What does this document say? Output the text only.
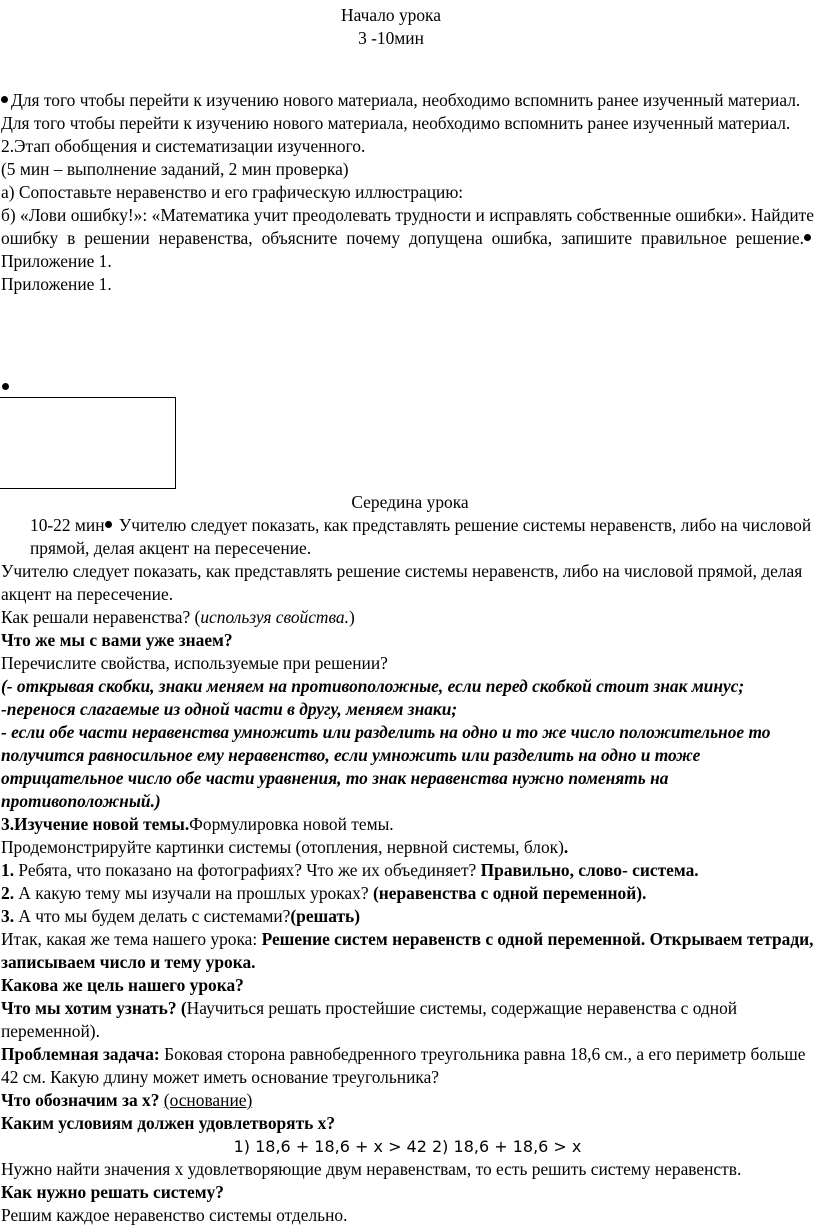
Начало урока
3 -10мин

Для того чтобы перейти к изучению нового материала, необходимо вспомнить ранее изученный материал.

Для того чтобы перейти к изучению нового материала, необходимо вспомнить ранее изученный материал.

2.Этап обобщения и систематизации изученного.

(5 мин – выполнение заданий, 2 мин проверка)

а) Сопоставьте неравенство и его графическую иллюстрацию:

б) «Лови ошибку!»: «Математика учит преодолевать трудности и исправлять собственные ошибки». Найдите ошибку в решении неравенства, объясните почему допущена ошибка, запишите правильное решение. Приложение 1.

Приложение 1.

Середина урока

10-22 мин Учителю следует показать, как представлять решение системы неравенств, либо на числовой прямой, делая акцент на пересечение.

Учителю следует показать, как представлять решение системы неравенств, либо на числовой прямой, делая акцент на пересечение.

Как решали неравенства? (используя свойства.)

Что же мы с вами уже знаем?

Перечислите свойства, используемые при решении?

(- открывая скобки, знаки меняем на противоположные, если перед скобкой стоит знак минус;

-перенося слагаемые из одной части в другу, меняем знаки;

- если обе части неравенства умножить или разделить на одно и то же число положительное то получится равносильное ему неравенство, если умножить или разделить на одно и тоже отрицательное число обе части уравнения, то знак неравенства нужно поменять на противоположный.)

3.Изучение новой темы.Формулировка новой темы.

Продемонстрируйте картинки системы (отопления, нервной системы, блок).

1. Ребята, что показано на фотографиях? Что же их объединяет? Правильно, слово- система.

2. А какую тему мы изучали на прошлых уроках? (неравенства с одной переменной).

3. А что мы будем делать с системами?(решать)

Итак, какая же тема нашего урока: Решение систем неравенств с одной переменной. Открываем тетради, записываем число и тему урока.

Какова же цель нашего урока?

Что мы хотим узнать? (Научиться решать простейшие системы, содержащие неравенства с одной переменной).

Проблемная задача: Боковая сторона равнобедренного треугольника равна 18,6 см., а его периметр больше 42 см. Какую длину может иметь основание треугольника?

Что обозначим за х? (основание)

Каким условиям должен удовлетворять х?

1) 18,6 + 18,6 + x > 42 2) 18,6 + 18,6 > x

Нужно найти значения х удовлетворяющие двум неравенствам, то есть решить систему неравенств.

Как нужно решать систему?

Решим каждое неравенство системы отдельно.
